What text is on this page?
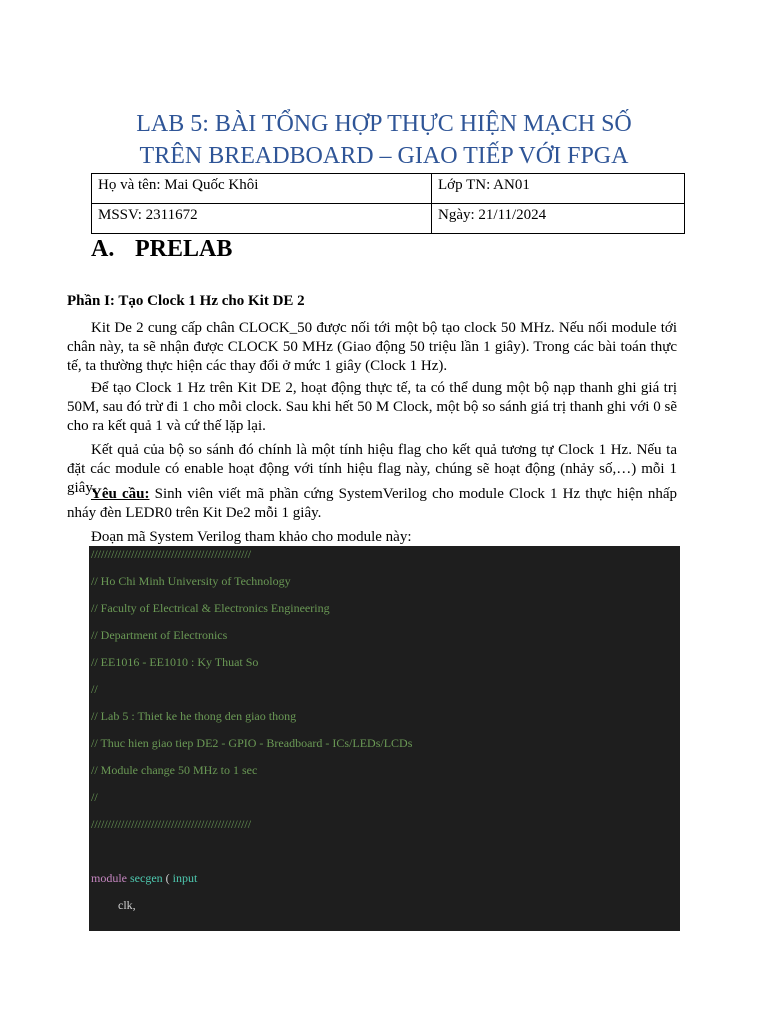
LAB 5: BÀI TỔNG HỢP THỰC HIỆN MẠCH SỐ
TRÊN BREADBOARD – GIAO TIẾP VỚI FPGA
Họ và tên: Mai Quốc Khôi	Lớp TN: AN01
MSSV: 2311672	Ngày: 21/11/2024
A. PRELAB
Phần I: Tạo Clock 1 Hz cho Kit DE 2
Kit De 2 cung cấp chân CLOCK_50 được nối tới một bộ tạo clock 50 MHz. Nếu nối module tới chân này, ta sẽ nhận được CLOCK 50 MHz (Giao động 50 triệu lần 1 giây). Trong các bài toán thực tế, ta thường thực hiện các thay đổi ở mức 1 giây (Clock 1 Hz).
Để tạo Clock 1 Hz trên Kit DE 2, hoạt động thực tế, ta có thể dung một bộ nạp thanh ghi giá trị 50M, sau đó trừ đi 1 cho mỗi clock. Sau khi hết 50 M Clock, một bộ so sánh giá trị thanh ghi với 0 sẽ cho ra kết quả 1 và cứ thế lặp lại.
Kết quả của bộ so sánh đó chính là một tính hiệu flag cho kết quả tương tự Clock 1 Hz. Nếu ta đặt các module có enable hoạt động với tính hiệu flag này, chúng sẽ hoạt động (nhảy số,…) mỗi 1 giây.
Yêu cầu: Sinh viên viết mã phần cứng SystemVerilog cho module Clock 1 Hz thực hiện nhấp nháy đèn LEDR0 trên Kit De2 mỗi 1 giây.
Đoạn mã System Verilog tham khảo cho module này:
////////////////////////////////////////////////
// Ho Chi Minh University of Technology
// Faculty of Electrical & Electronics Engineering
// Department of Electronics
// EE1016 - EE1010 : Ky Thuat So
//
// Lab 5 : Thiet ke he thong den giao thong
// Thuc hien giao tiep DE2 - GPIO - Breadboard - ICs/LEDs/LCDs
// Module change 50 MHz to 1 sec
//
////////////////////////////////////////////////
module secgen ( input
clk,
